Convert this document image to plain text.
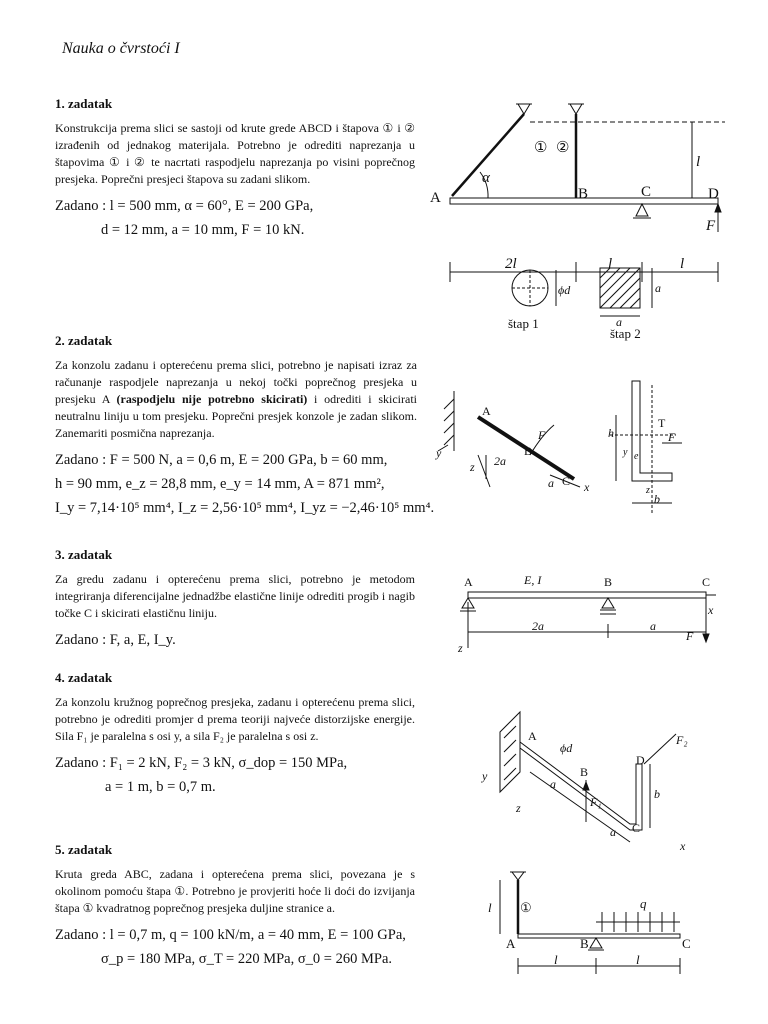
Nauka o čvrstoći I

1. zadatak

Konstrukcija prema slici se sastoji od krute grede ABCD i štapova ① i ② izrađenih od jednakog materijala. Potrebno je odrediti naprezanja u štapovima ① i ② te nacrtati raspodjelu naprezanja po visini poprečnog presjeka. Poprečni presjeci štapova su zadani slikom.

Zadano : l = 500 mm, α = 60°, E = 200 GPa,
d = 12 mm, a = 10 mm, F = 10 kN.

2. zadatak

Za konzolu zadanu i opterećenu prema slici, potrebno je napisati izraz za računanje raspodjele naprezanja u nekoj točki poprečnog presjeka u presjeku A (raspodjelu nije potrebno skicirati) i odrediti i skicirati neutralnu liniju u tom presjeku. Poprečni presjek konzole je zadan slikom. Zanemariti posmična naprezanja.

Zadano : F = 500 N, a = 0,6 m, E = 200 GPa, b = 60 mm,
h = 90 mm, e_z = 28,8 mm, e_y = 14 mm, A = 871 mm²,
I_y = 7,14·10⁵ mm⁴, I_z = 2,56·10⁵ mm⁴, I_yz = −2,46·10⁵ mm⁴.

3. zadatak

Za gredu zadanu i opterećenu prema slici, potrebno je metodom integriranja diferencijalne jednadžbe elastične linije odrediti progib i nagib točke C i skicirati elastičnu liniju.

Zadano : F, a, E, I_y.

4. zadatak

Za konzolu kružnog poprečnog presjeka, zadanu i opterećenu prema slici, potrebno je odrediti promjer d prema teoriji najveće distorzijske energije. Sila F₁ je paralelna s osi y, a sila F₂ je paralelna s osi z.

Zadano : F₁ = 2 kN, F₂ = 3 kN, σ_dop = 150 MPa,
a = 1 m, b = 0,7 m.

5. zadatak

Kruta greda ABC, zadana i opterećena prema slici, povezana je s okolinom pomoću štapa ①. Potrebno je provjeriti hoće li doći do izvijanja štapa ① kvadratnog poprečnog presjeka duljine stranice a.

Zadano : l = 0,7 m, q = 100 kN/m, a = 40 mm, E = 100 GPa,
σ_p = 180 MPa, σ_T = 220 MPa, σ_0 = 260 MPa.
A	B	C	D
① ②
α
l
F
2l	l	l
ϕd	a
a
štap 1
štap 2
A
B
C
F
2a
a	x
y
z
h
b
T
F
y e
z
E, I
A	B	C
2a	a
F
x
z
A
B
C
D
ϕd
F₁
F₂
a
a
b
x
y
z
①	q
A	B	C
l
l	l
